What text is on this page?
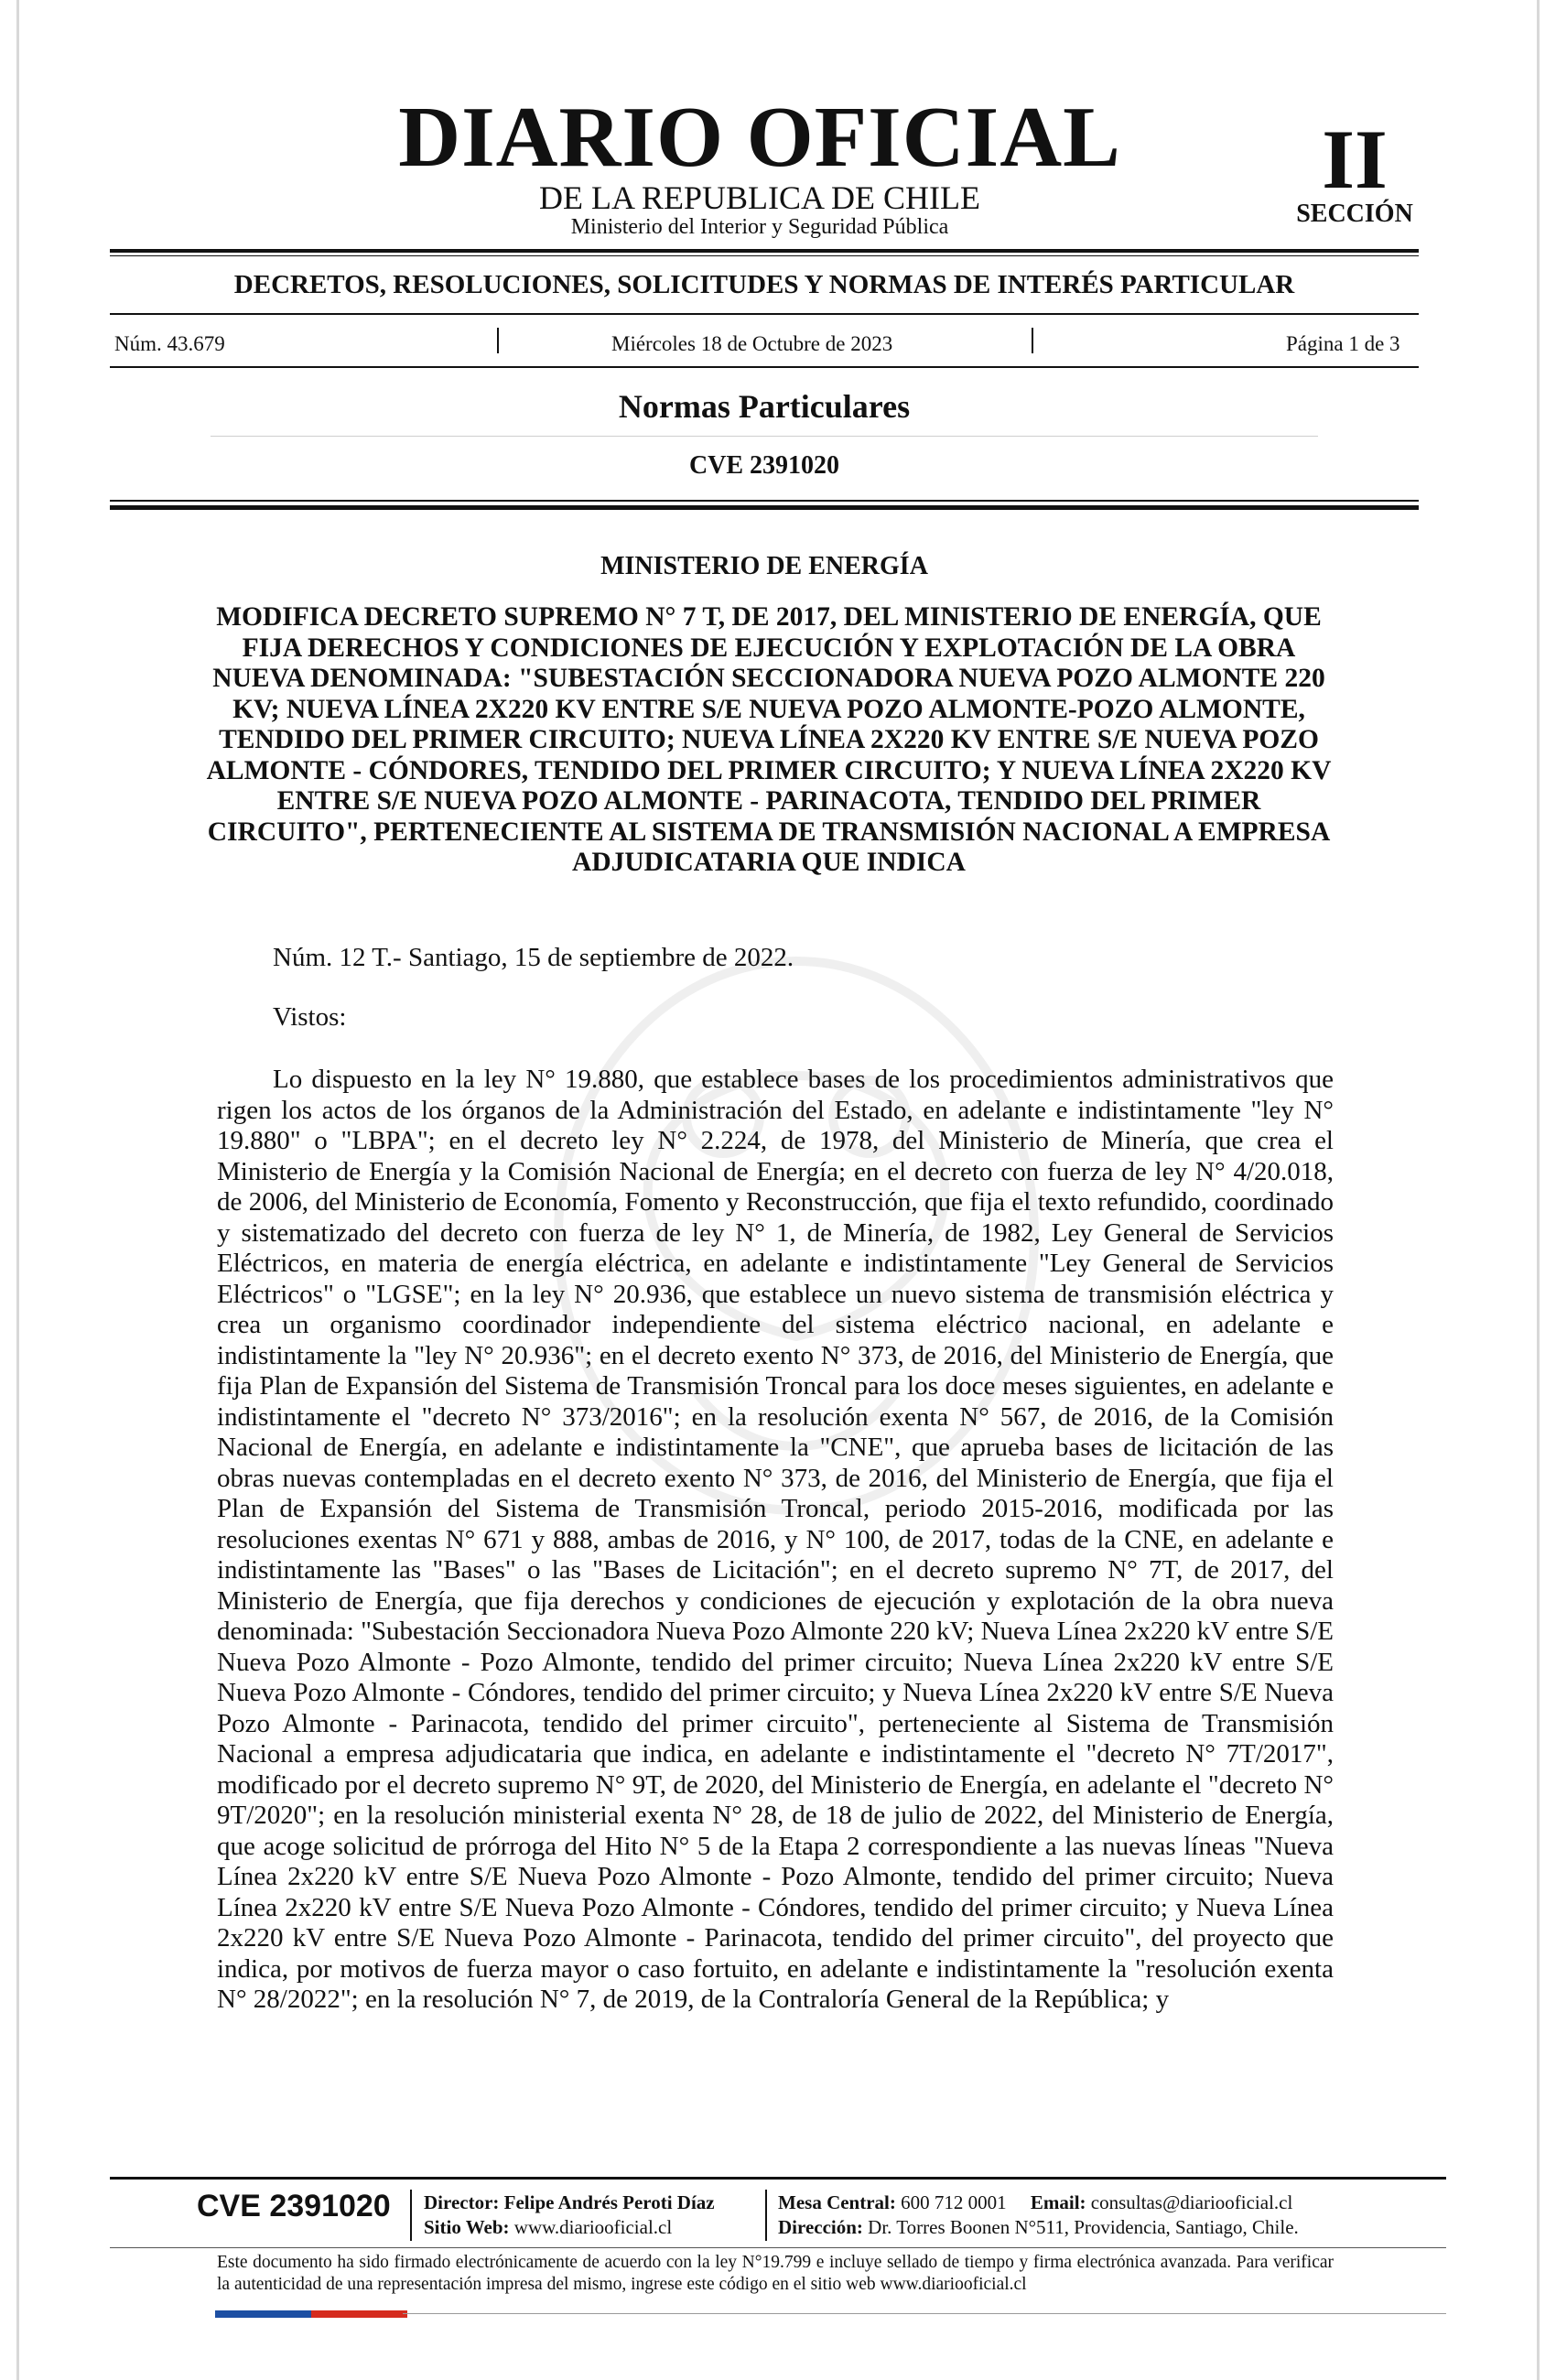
DIARIO OFICIAL
DE LA REPUBLICA DE CHILE
Ministerio del Interior y Seguridad Pública
II
SECCIÓN
DECRETOS, RESOLUCIONES, SOLICITUDES Y NORMAS DE INTERÉS PARTICULAR
Núm. 43.679	Miércoles 18 de Octubre de 2023	Página 1 de 3
Normas Particulares
CVE 2391020
MINISTERIO DE ENERGÍA
MODIFICA DECRETO SUPREMO N° 7 T, DE 2017, DEL MINISTERIO DE ENERGÍA, QUE FIJA DERECHOS Y CONDICIONES DE EJECUCIÓN Y EXPLOTACIÓN DE LA OBRA NUEVA DENOMINADA: "SUBESTACIÓN SECCIONADORA NUEVA POZO ALMONTE 220 KV; NUEVA LÍNEA 2X220 KV ENTRE S/E NUEVA POZO ALMONTE-POZO ALMONTE, TENDIDO DEL PRIMER CIRCUITO; NUEVA LÍNEA 2X220 KV ENTRE S/E NUEVA POZO ALMONTE - CÓNDORES, TENDIDO DEL PRIMER CIRCUITO; Y NUEVA LÍNEA 2X220 KV ENTRE S/E NUEVA POZO ALMONTE - PARINACOTA, TENDIDO DEL PRIMER CIRCUITO", PERTENECIENTE AL SISTEMA DE TRANSMISIÓN NACIONAL A EMPRESA ADJUDICATARIA QUE INDICA
Núm. 12 T.- Santiago, 15 de septiembre de 2022.
Vistos:
Lo dispuesto en la ley N° 19.880, que establece bases de los procedimientos administrativos que rigen los actos de los órganos de la Administración del Estado, en adelante e indistintamente "ley N° 19.880" o "LBPA"; en el decreto ley N° 2.224, de 1978, del Ministerio de Minería, que crea el Ministerio de Energía y la Comisión Nacional de Energía; en el decreto con fuerza de ley N° 4/20.018, de 2006, del Ministerio de Economía, Fomento y Reconstrucción, que fija el texto refundido, coordinado y sistematizado del decreto con fuerza de ley N° 1, de Minería, de 1982, Ley General de Servicios Eléctricos, en materia de energía eléctrica, en adelante e indistintamente "Ley General de Servicios Eléctricos" o "LGSE"; en la ley N° 20.936, que establece un nuevo sistema de transmisión eléctrica y crea un organismo coordinador independiente del sistema eléctrico nacional, en adelante e indistintamente la "ley N° 20.936"; en el decreto exento N° 373, de 2016, del Ministerio de Energía, que fija Plan de Expansión del Sistema de Transmisión Troncal para los doce meses siguientes, en adelante e indistintamente el "decreto N° 373/2016"; en la resolución exenta N° 567, de 2016, de la Comisión Nacional de Energía, en adelante e indistintamente la "CNE", que aprueba bases de licitación de las obras nuevas contempladas en el decreto exento N° 373, de 2016, del Ministerio de Energía, que fija el Plan de Expansión del Sistema de Transmisión Troncal, periodo 2015-2016, modificada por las resoluciones exentas N° 671 y 888, ambas de 2016, y N° 100, de 2017, todas de la CNE, en adelante e indistintamente las "Bases" o las "Bases de Licitación"; en el decreto supremo N° 7T, de 2017, del Ministerio de Energía, que fija derechos y condiciones de ejecución y explotación de la obra nueva denominada: "Subestación Seccionadora Nueva Pozo Almonte 220 kV; Nueva Línea 2x220 kV entre S/E Nueva Pozo Almonte - Pozo Almonte, tendido del primer circuito; Nueva Línea 2x220 kV entre S/E Nueva Pozo Almonte - Cóndores, tendido del primer circuito; y Nueva Línea 2x220 kV entre S/E Nueva Pozo Almonte - Parinacota, tendido del primer circuito", perteneciente al Sistema de Transmisión Nacional a empresa adjudicataria que indica, en adelante e indistintamente el "decreto N° 7T/2017", modificado por el decreto supremo N° 9T, de 2020, del Ministerio de Energía, en adelante el "decreto N° 9T/2020"; en la resolución ministerial exenta N° 28, de 18 de julio de 2022, del Ministerio de Energía, que acoge solicitud de prórroga del Hito N° 5 de la Etapa 2 correspondiente a las nuevas líneas "Nueva Línea 2x220 kV entre S/E Nueva Pozo Almonte - Pozo Almonte, tendido del primer circuito; Nueva Línea 2x220 kV entre S/E Nueva Pozo Almonte - Cóndores, tendido del primer circuito; y Nueva Línea 2x220 kV entre S/E Nueva Pozo Almonte - Parinacota, tendido del primer circuito", del proyecto que indica, por motivos de fuerza mayor o caso fortuito, en adelante e indistintamente la "resolución exenta N° 28/2022"; en la resolución N° 7, de 2019, de la Contraloría General de la República; y
CVE 2391020 Director: Felipe Andrés Peroti Díaz
Sitio Web: www.diariooficial.cl
Mesa Central: 600 712 0001 Email: consultas@diariooficial.cl
Dirección: Dr. Torres Boonen N°511, Providencia, Santiago, Chile.
Este documento ha sido firmado electrónicamente de acuerdo con la ley N°19.799 e incluye sellado de tiempo y firma electrónica avanzada. Para verificar la autenticidad de una representación impresa del mismo, ingrese este código en el sitio web www.diariooficial.cl
